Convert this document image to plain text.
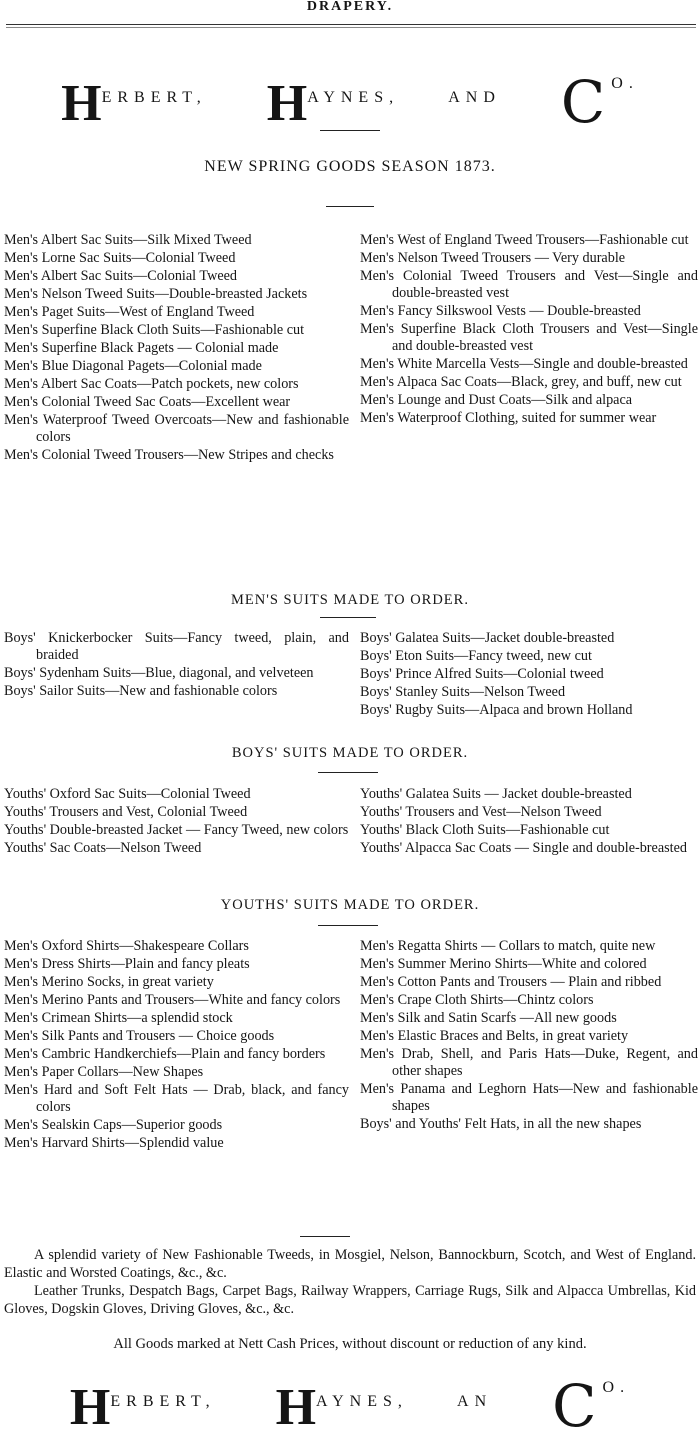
DRAPERY.
HERBERT, HAYNES,	AND CO.
NEW SPRING GOODS SEASON 1873.
Men's Albert Sac Suits—Silk Mixed Tweed
Men's Lorne Sac Suits—Colonial Tweed
Men's Albert Sac Suits—Colonial Tweed
Men's Nelson Tweed Suits—Double-breasted Jackets
Men's Paget Suits—West of England Tweed
Men's Superfine Black Cloth Suits—Fashionable cut
Men's Superfine Black Pagets — Colonial made
Men's Blue Diagonal Pagets—Colonial made
Men's Albert Sac Coats—Patch pockets, new colors
Men's Colonial Tweed Sac Coats—Excellent wear
Men's Waterproof Tweed Overcoats—New and fashionable colors
Men's Colonial Tweed Trousers—New Stripes and checks
Men's West of England Tweed Trousers—Fashionable cut
Men's Nelson Tweed Trousers — Very durable
Men's Colonial Tweed Trousers and Vest—Single and double-breasted vest
Men's Fancy Silkswool Vests — Double-breasted
Men's Superfine Black Cloth Trousers and Vest—Single and double-breasted vest
Men's White Marcella Vests—Single and double-breasted
Men's Alpaca Sac Coats—Black, grey, and buff, new cut
Men's Lounge and Dust Coats—Silk and alpaca
Men's Waterproof Clothing, suited for summer wear
MEN'S SUITS MADE TO ORDER.
Boys' Knickerbocker Suits—Fancy tweed, plain, and braided
Boys' Sydenham Suits—Blue, diagonal, and velveteen
Boys' Sailor Suits—New and fashionable colors
Boys' Galatea Suits—Jacket double-breasted
Boys' Eton Suits—Fancy tweed, new cut
Boys' Prince Alfred Suits—Colonial tweed
Boys' Stanley Suits—Nelson Tweed
Boys' Rugby Suits—Alpaca and brown Holland
BOYS' SUITS MADE TO ORDER.
Youths' Oxford Sac Suits—Colonial Tweed
Youths' Trousers and Vest, Colonial Tweed
Youths' Double-breasted Jacket — Fancy Tweed, new colors
Youths' Sac Coats—Nelson Tweed
Youths' Galatea Suits — Jacket double-breasted
Youths' Trousers and Vest—Nelson Tweed
Youths' Black Cloth Suits—Fashionable cut
Youths' Alpacca Sac Coats — Single and double-breasted
YOUTHS' SUITS MADE TO ORDER.
Men's Oxford Shirts—Shakespeare Collars
Men's Dress Shirts—Plain and fancy pleats
Men's Merino Socks, in great variety
Men's Merino Pants and Trousers—White and fancy colors
Men's Crimean Shirts—a splendid stock
Men's Silk Pants and Trousers — Choice goods
Men's Cambric Handkerchiefs—Plain and fancy borders
Men's Paper Collars—New Shapes
Men's Hard and Soft Felt Hats — Drab, black, and fancy colors
Men's Sealskin Caps—Superior goods
Men's Harvard Shirts—Splendid value
Men's Regatta Shirts — Collars to match, quite new
Men's Summer Merino Shirts—White and colored
Men's Cotton Pants and Trousers — Plain and ribbed
Men's Crape Cloth Shirts—Chintz colors
Men's Silk and Satin Scarfs —All new goods
Men's Elastic Braces and Belts, in great variety
Men's Drab, Shell, and Paris Hats—Duke, Regent, and other shapes
Men's Panama and Leghorn Hats—New and fashionable shapes
Boys' and Youths' Felt Hats, in all the new shapes
A splendid variety of New Fashionable Tweeds, in Mosgiel, Nelson, Bannockburn, Scotch, and West of England. Elastic and Worsted Coatings, &c., &c.
Leather Trunks, Despatch Bags, Carpet Bags, Railway Wrappers, Carriage Rugs, Silk and Alpacca Umbrellas, Kid Gloves, Dogskin Gloves, Driving Gloves, &c., &c.
All Goods marked at Nett Cash Prices, without discount or reduction of any kind.
HERBERT, HAYNES,	AN CO.
